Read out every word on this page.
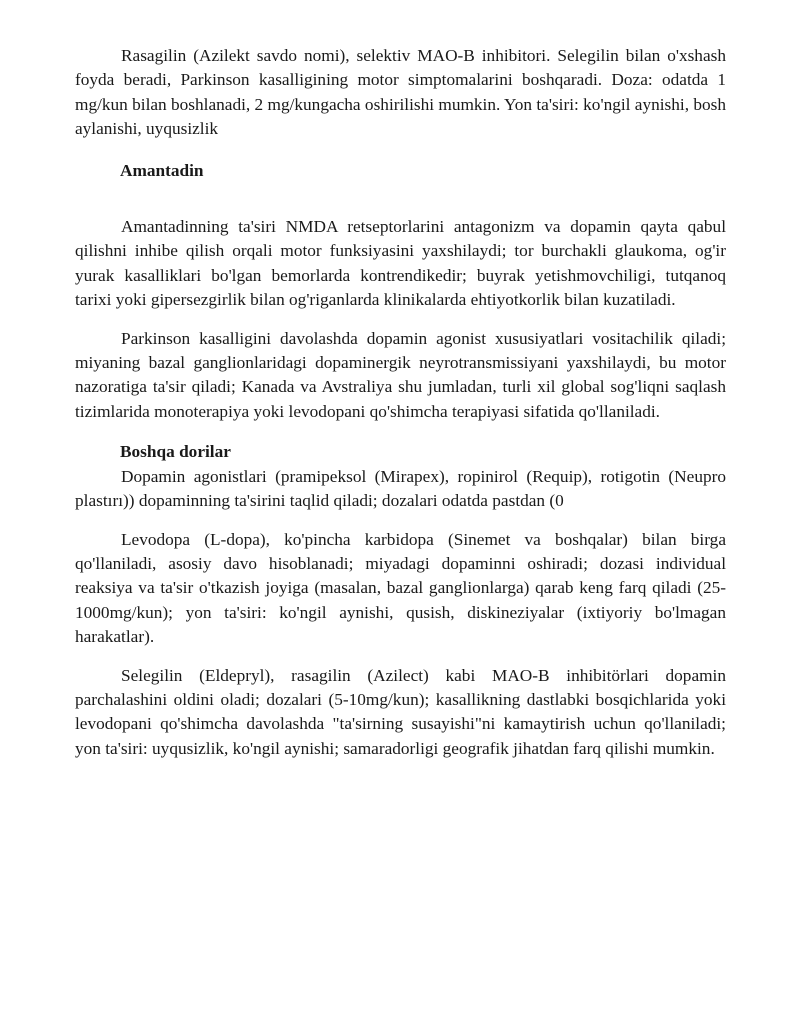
Rasagilin (Azilekt savdo nomi), selektiv MAO-B inhibitori. Selegilin bilan o'xshash foyda beradi, Parkinson kasalligining motor simptomalarini boshqaradi. Doza: odatda 1 mg/kun bilan boshlanadi, 2 mg/kungacha oshirilishi mumkin. Yon ta'siri: ko'ngil aynishi, bosh aylanishi, uyqusizlik

Amantadin

Amantadinning ta'siri NMDA retseptorlarini antagonizm va dopamin qayta qabul qilishni inhibe qilish orqali motor funksiyasini yaxshilaydi; tor burchakli glaukoma, og'ir yurak kasalliklari bo'lgan bemorlarda kontrendikedir; buyrak yetishmovchiligi, tutqanoq tarixi yoki gipersezgirlik bilan og'riganlarda klinikalarda ehtiyotkorlik bilan kuzatiladi.

Parkinson kasalligini davolashda dopamin agonist xususiyatlari vositachilik qiladi; miyaning bazal ganglionlaridagi dopaminergik neyrotransmissiyani yaxshilaydi, bu motor nazoratiga ta'sir qiladi; Kanada va Avstraliya shu jumladan, turli xil global sog'liqni saqlash tizimlarida monoterapiya yoki levodopani qo'shimcha terapiyasi sifatida qo'llaniladi.

Boshqa dorilar

Dopamin agonistlari (pramipeksol (Mirapex), ropinirol (Requip), rotigotin (Neupro plastırı)) dopaminning ta'sirini taqlid qiladi; dozalari odatda pastdan (0

Levodopa (L-dopa), ko'pincha karbidopa (Sinemet va boshqalar) bilan birga qo'llaniladi, asosiy davo hisoblanadi; miyadagi dopaminni oshiradi; dozasi individual reaksiya va ta'sir o'tkazish joyiga (masalan, bazal ganglionlarga) qarab keng farq qiladi (25-1000mg/kun); yon ta'siri: ko'ngil aynishi, qusish, diskineziyalar (ixtiyoriy bo'lmagan harakatlar).

Selegilin (Eldepryl), rasagilin (Azilect) kabi MAO-B inhibitörlari dopamin parchalashini oldini oladi; dozalari (5-10mg/kun); kasallikning dastlabki bosqichlarida yoki levodopani qo'shimcha davolashda "ta'sirning susayishi"ni kamaytirish uchun qo'llaniladi; yon ta'siri: uyqusizlik, ko'ngil aynishi; samaradorligi geografik jihatdan farq qilishi mumkin.
